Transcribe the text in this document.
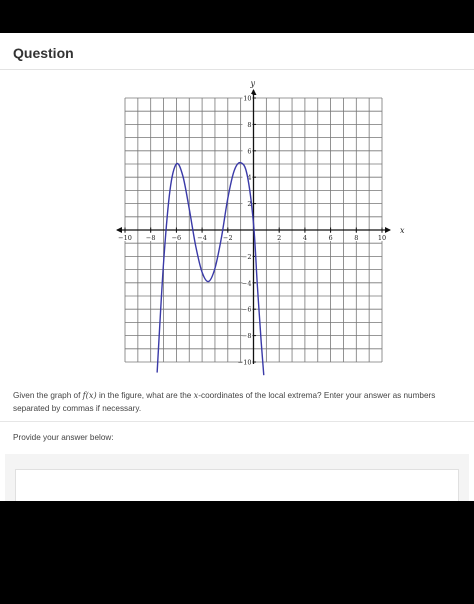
Question
x
y
−10 −8 −6 −4 −2	2	4	6	8	10
10
8
6
4
2
−2
−4
−6
−8
−10
Given the graph of f(x) in the figure, what are the x-coordinates of the local extrema? Enter your answer as numbers separated by commas if necessary.
Provide your answer below:
